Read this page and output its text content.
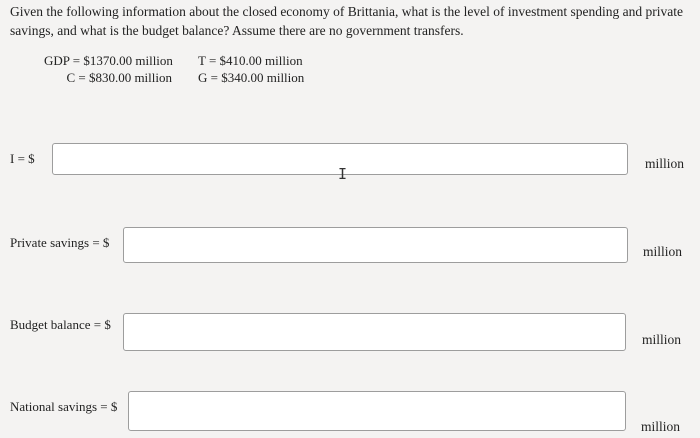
Given the following information about the closed economy of Brittania, what is the level of investment spending and private savings, and what is the budget balance? Assume there are no government transfers.
GDP = $1370.00 million
C = $830.00 million
T = $410.00 million
G = $340.00 million
I = $	million
Private savings = $
million
Budget balance = $
million
National savings = $
million
I
